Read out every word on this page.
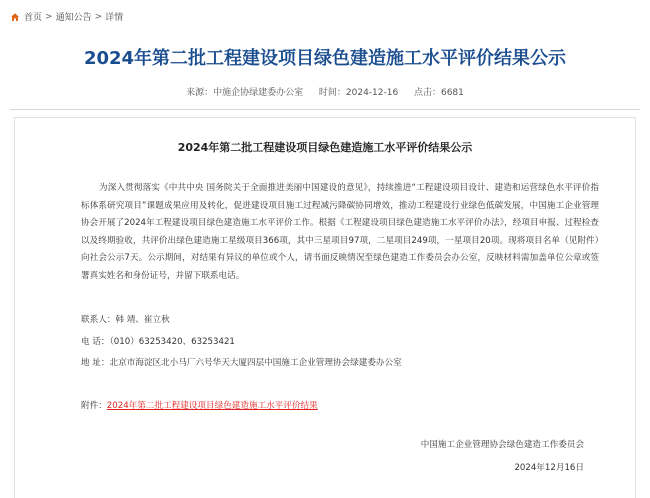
首页 > 通知公告 > 详情
2024年第二批工程建设项目绿色建造施工水平评价结果公示
来源：中施企协绿建委办公室 时间：2024-12-16 点击：6681
2024年第二批工程建设项目绿色建造施工水平评价结果公示

为深入贯彻落实《中共中央 国务院关于全面推进美丽中国建设的意见》，持续推进“工程建设项目设计、建造和运营绿色水平评价指标体系研究项目”课题成果应用及转化，促进建设项目施工过程减污降碳协同增效，推动工程建设行业绿色低碳发展，中国施工企业管理协会开展了2024年工程建设项目绿色建造施工水平评价工作。根据《工程建设项目绿色建造施工水平评价办法》，经项目申报、过程检查以及终期验收，共评价出绿色建造施工星级项目366项，其中三星项目97项，二星项目249项，一星项目20项。现将项目名单（见附件）向社会公示7天。公示期间，对结果有异议的单位或个人，请书面反映情况至绿色建造工作委员会办公室，反映材料需加盖单位公章或签署真实姓名和身份证号，并留下联系电话。

联系人：韩 靖、崔立秋
电 话：（010）63253420、63253421
地 址：北京市海淀区北小马厂六号华天大厦四层中国施工企业管理协会绿建委办公室
附件：2024年第二批工程建设项目绿色建造施工水平评价结果
中国施工企业管理协会绿色建造工作委员会
2024年12月16日
